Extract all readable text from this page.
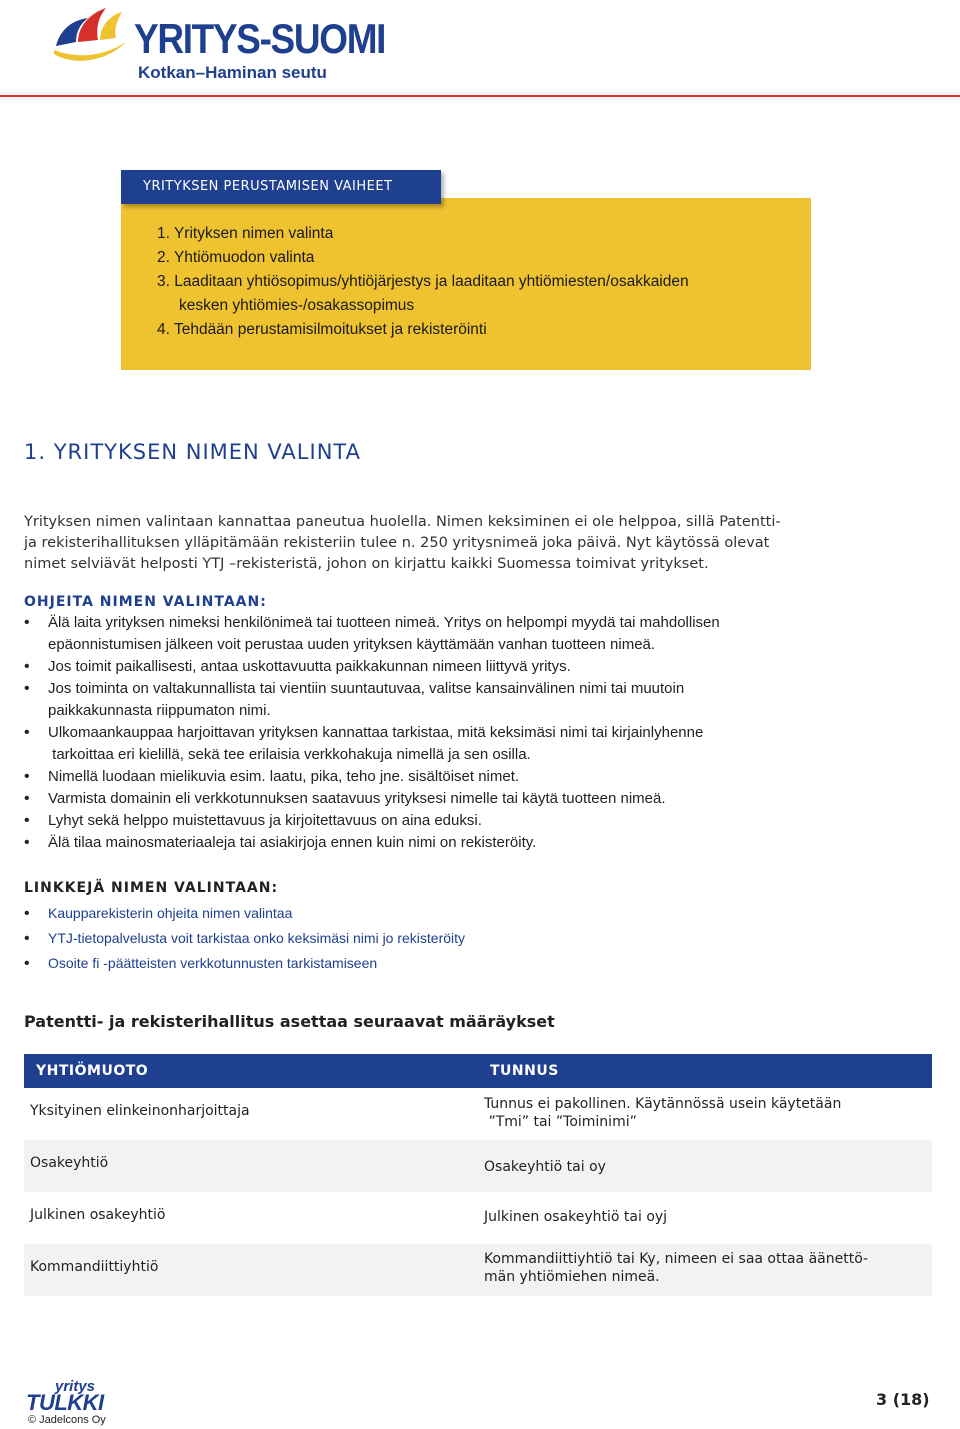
YRITYS-SUOMI
Kotkan–Haminan seutu
YRITYKSEN PERUSTAMISEN VAIHEET
1. Yrityksen nimen valinta
2. Yhtiömuodon valinta
3. Laaditaan yhtiösopimus/yhtiöjärjestys ja laaditaan yhtiömiesten/osakkaiden
kesken yhtiömies-/osakassopimus
4. Tehdään perustamisilmoitukset ja rekisteröinti
1. YRITYKSEN NIMEN VALINTA
Yrityksen nimen valintaan kannattaa paneutua huolella. Nimen keksiminen ei ole helppoa, sillä Patentti-
ja rekisterihallituksen ylläpitämään rekisteriin tulee n. 250 yritysnimeä joka päivä. Nyt käytössä olevat
nimet selviävät helposti YTJ –rekisteristä, johon on kirjattu kaikki Suomessa toimivat yritykset.
OHJEITA NIMEN VALINTAAN:
• Älä laita yrityksen nimeksi henkilönimeä tai tuotteen nimeä. Yritys on helpompi myydä tai mahdollisen
epäonnistumisen jälkeen voit perustaa uuden yrityksen käyttämään vanhan tuotteen nimeä.
• Jos toimit paikallisesti, antaa uskottavuutta paikkakunnan nimeen liittyvä yritys.
• Jos toiminta on valtakunnallista tai vientiin suuntautuvaa, valitse kansainvälinen nimi tai muutoin
paikkakunnasta riippumaton nimi.
• Ulkomaankauppaa harjoittavan yrityksen kannattaa tarkistaa, mitä keksimäsi nimi tai kirjainlyhenne
tarkoittaa eri kielillä, sekä tee erilaisia verkkohakuja nimellä ja sen osilla.
• Nimellä luodaan mielikuvia esim. laatu, pika, teho jne. sisältöiset nimet.
• Varmista domainin eli verkkotunnuksen saatavuus yrityksesi nimelle tai käytä tuotteen nimeä.
• Lyhyt sekä helppo muistettavuus ja kirjoitettavuus on aina eduksi.
• Älä tilaa mainosmateriaaleja tai asiakirjoja ennen kuin nimi on rekisteröity.
LINKKEJÄ NIMEN VALINTAAN:
• Kaupparekisterin ohjeita nimen valintaa
• YTJ-tietopalvelusta voit tarkistaa onko keksimäsi nimi jo rekisteröity
• Osoite fi -päätteisten verkkotunnusten tarkistamiseen
Patentti- ja rekisterihallitus asettaa seuraavat määräykset
YHTIÖMUOTO	TUNNUS
Yksityinen elinkeinonharjoittaja	Tunnus ei pakollinen. Käytännössä usein käytetään
”Tmi” tai ”Toiminimi”
Osakeyhtiö	Osakeyhtiö tai oy
Julkinen osakeyhtiö	Julkinen osakeyhtiö tai oyj
Kommandiittiyhtiö	Kommandiittiyhtiö tai Ky, nimeen ei saa ottaa äänettö-
män yhtiömiehen nimeä.
yritys
TULKKI
© Jadelcons Oy
3 (18)
